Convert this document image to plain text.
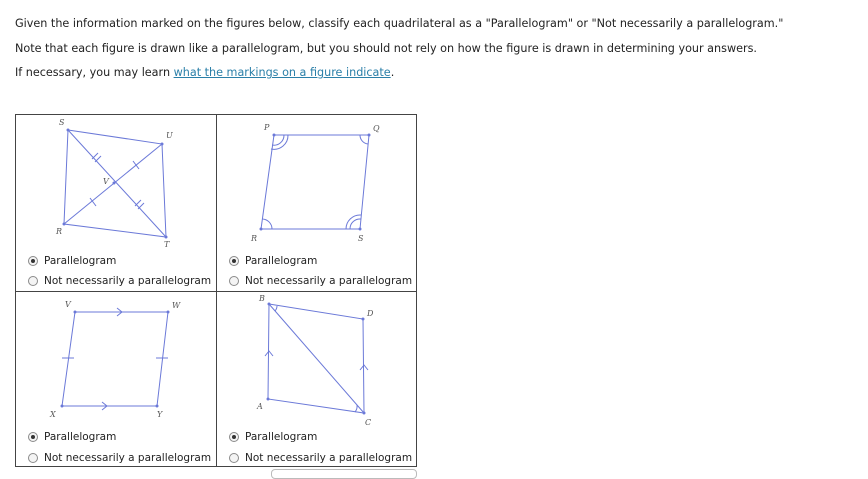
Given the information marked on the figures below, classify each quadrilateral as a "Parallelogram" or "Not necessarily a parallelogram."

Note that each figure is drawn like a parallelogram, but you should not rely on how the figure is drawn in determining your answers.

If necessary, you may learn what the markings on a figure indicate.

S
U
V
R
T
Parallelogram
Not necessarily a parallelogram
P	Q
R	S
Parallelogram
Not necessarily a parallelogram
V	W
X	Y
Parallelogram
Not necessarily a parallelogram
B
D
A
C
Parallelogram
Not necessarily a parallelogram
